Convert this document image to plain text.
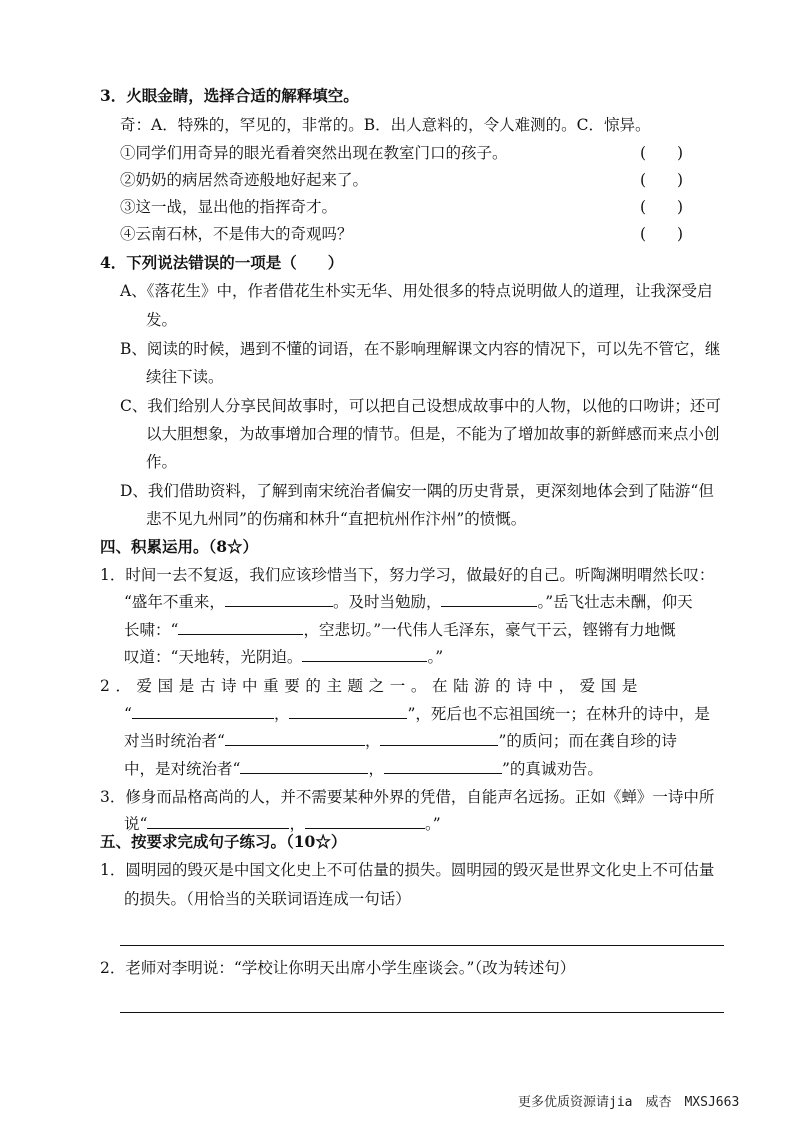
3．火眼金睛，选择合适的解释填空。
奇：A．特殊的，罕见的，非常的。B．出人意料的，令人难测的。C．惊异。
①同学们用奇异的眼光看着突然出现在教室门口的孩子。	(　　)
②奶奶的病居然奇迹般地好起来了。	(　　)
③这一战，显出他的指挥奇才。	(　　)
④云南石林，不是伟大的奇观吗？	(　　)
4．下列说法错误的一项是（　　）
A、《落花生》中，作者借花生朴实无华、用处很多的特点说明做人的道理，让我深受启
发。
B、阅读的时候，遇到不懂的词语，在不影响理解课文内容的情况下，可以先不管它，继
续往下读。
C、我们给别人分享民间故事时，可以把自己设想成故事中的人物，以他的口吻讲；还可
以大胆想象，为故事增加合理的情节。但是，不能为了增加故事的新鲜感而来点小创
作。
D、我们借助资料，了解到南宋统治者偏安一隅的历史背景，更深刻地体会到了陆游“但
悲不见九州同”的伤痛和林升“直把杭州作汴州”的愤慨。
四、积累运用。（8☆）
1．时间一去不复返，我们应该珍惜当下，努力学习，做最好的自己。听陶渊明喟然长叹：
“盛年不重来，	。及时当勉励，	。”岳飞壮志未酬，仰天
长啸：“	，空悲切。”一代伟人毛泽东，豪气干云，铿锵有力地慨
叹道：“天地转，光阴迫。	。”
2．爱国是古诗中重要的主题之一。在陆游的诗中，爱国是
“	，	”，死后也不忘祖国统一；在林升的诗中，是
对当时统治者“	，	”的质问；而在龚自珍的诗
中，是对统治者“	，	”的真诚劝告。
3．修身而品格高尚的人，并不需要某种外界的凭借，自能声名远扬。正如《蝉》一诗中所
说“	，	。”
五、按要求完成句子练习。（10☆）
1．圆明园的毁灭是中国文化史上不可估量的损失。圆明园的毁灭是世界文化史上不可估量
的损失。（用恰当的关联词语连成一句话）
2．老师对李明说：“学校让你明天出席小学生座谈会。”（改为转述句）
更多优质资源请jia　威杏　MXSJ663
